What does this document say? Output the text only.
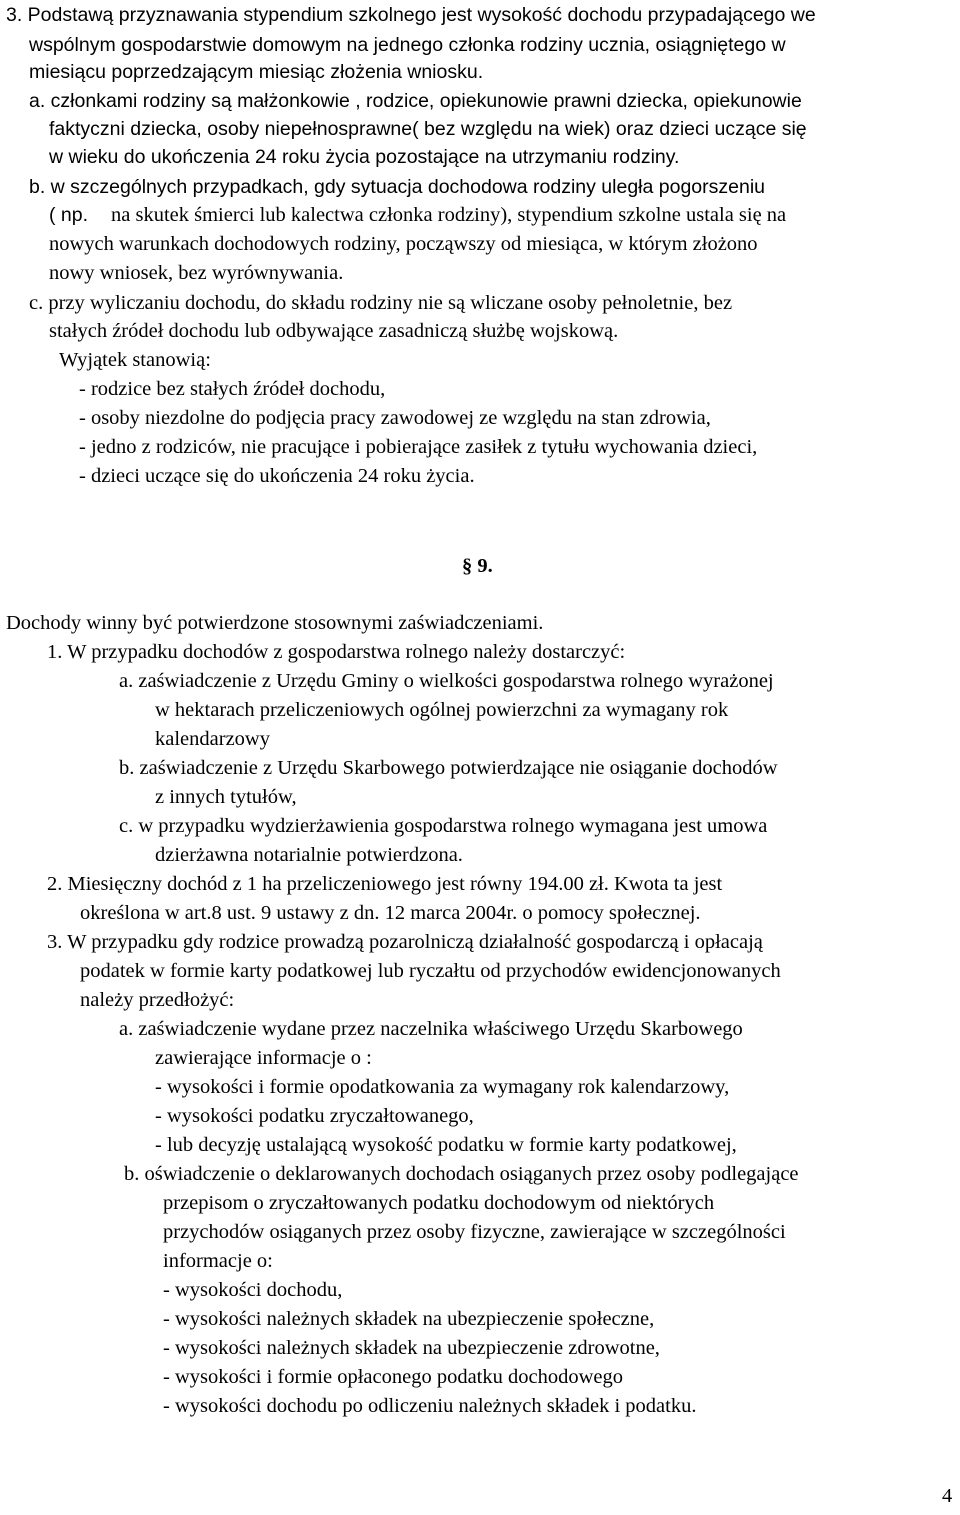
3. Podstawą przyznawania stypendium szkolnego jest wysokość dochodu przypadającego we
wspólnym gospodarstwie domowym na jednego członka rodziny ucznia, osiągniętego w
miesiącu poprzedzającym miesiąc złożenia wniosku.
a. członkami rodziny są małżonkowie , rodzice, opiekunowie prawni dziecka, opiekunowie
faktyczni dziecka, osoby niepełnosprawne( bez względu na wiek) oraz dzieci uczące się
w wieku do ukończenia 24 roku życia pozostające na utrzymaniu rodziny.
b. w szczególnych przypadkach, gdy sytuacja dochodowa rodziny uległa pogorszeniu
( np. na skutek śmierci lub kalectwa członka rodziny), stypendium szkolne ustala się na
nowych warunkach dochodowych rodziny, począwszy od miesiąca, w którym złożono
nowy wniosek, bez wyrównywania.
c. przy wyliczaniu dochodu, do składu rodziny nie są wliczane osoby pełnoletnie, bez
stałych źródeł dochodu lub odbywające zasadniczą służbę wojskową.
Wyjątek stanowią:
- rodzice bez stałych źródeł dochodu,
- osoby niezdolne do podjęcia pracy zawodowej ze względu na stan zdrowia,
- jedno z rodziców, nie pracujące i pobierające zasiłek z tytułu wychowania dzieci,
- dzieci uczące się do ukończenia 24 roku życia.
§ 9.
Dochody winny być potwierdzone stosownymi zaświadczeniami.
1. W przypadku dochodów z gospodarstwa rolnego należy dostarczyć:
a. zaświadczenie z Urzędu Gminy o wielkości gospodarstwa rolnego wyrażonej
w hektarach przeliczeniowych ogólnej powierzchni za wymagany rok
kalendarzowy
b. zaświadczenie z Urzędu Skarbowego potwierdzające nie osiąganie dochodów
z innych tytułów,
c. w przypadku wydzierżawienia gospodarstwa rolnego wymagana jest umowa
dzierżawna notarialnie potwierdzona.
2. Miesięczny dochód z 1 ha przeliczeniowego jest równy 194.00 zł. Kwota ta jest
określona w art.8 ust. 9 ustawy z dn. 12 marca 2004r. o pomocy społecznej.
3. W przypadku gdy rodzice prowadzą pozarolniczą działalność gospodarczą i opłacają
podatek w formie karty podatkowej lub ryczałtu od przychodów ewidencjonowanych
należy przedłożyć:
a. zaświadczenie wydane przez naczelnika właściwego Urzędu Skarbowego
zawierające informacje o :
- wysokości i formie opodatkowania za wymagany rok kalendarzowy,
- wysokości podatku zryczałtowanego,
- lub decyzję ustalającą wysokość podatku w formie karty podatkowej,
b. oświadczenie o deklarowanych dochodach osiąganych przez osoby podlegające
przepisom o zryczałtowanych podatku dochodowym od niektórych
przychodów osiąganych przez osoby fizyczne, zawierające w szczególności
informacje o:
- wysokości dochodu,
- wysokości należnych składek na ubezpieczenie społeczne,
- wysokości należnych składek na ubezpieczenie zdrowotne,
- wysokości i formie opłaconego podatku dochodowego
- wysokości dochodu po odliczeniu należnych składek i podatku.
4
